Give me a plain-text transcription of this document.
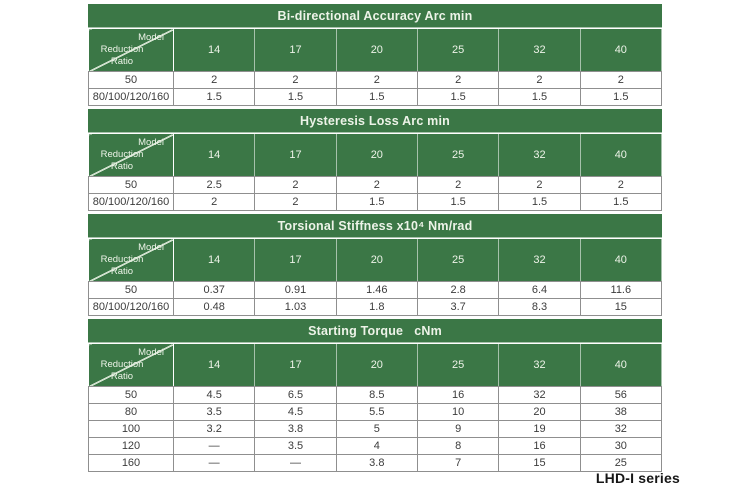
Bi-directional Accuracy Arc min
Model
Reduction
Ratio	14	17	20	25	32	40
50	2	2	2	2	2	2
80/100/120/160	1.5	1.5	1.5	1.5	1.5	1.5
Hysteresis Loss Arc min
Model
Reduction
Ratio	14	17	20	25	32	40
50	2.5	2	2	2	2	2
80/100/120/160	2	2	1.5	1.5	1.5	1.5
Torsional Stiffness x10⁴ Nm/rad
Model
Reduction
Ratio	14	17	20	25	32	40
50	0.37	0.91	1.46	2.8	6.4	11.6
80/100/120/160	0.48	1.03	1.8	3.7	8.3	15
Starting Torque   cNm
Model
Reduction
Ratio	14	17	20	25	32	40
50	4.5	6.5	8.5	16	32	56
80	3.5	4.5	5.5	10	20	38
100	3.2	3.8	5	9	19	32
120	—	3.5	4	8	16	30
160	—	—	3.8	7	15	25
LHD-I series
